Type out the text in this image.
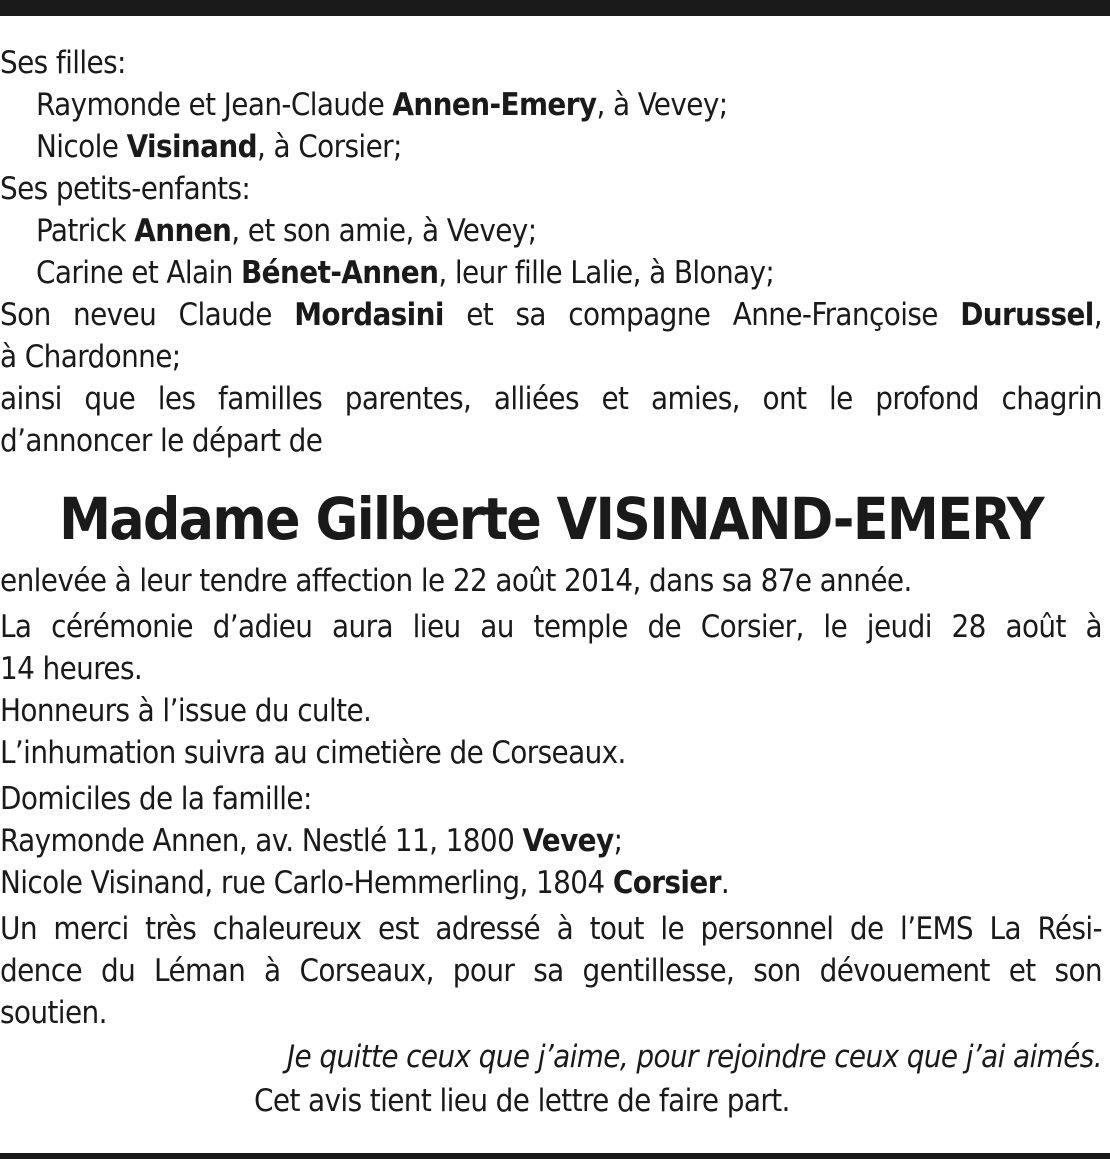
Ses filles:
Raymonde et Jean-Claude Annen-Emery, à Vevey;
Nicole Visinand, à Corsier;
Ses petits-enfants:
Patrick Annen, et son amie, à Vevey;
Carine et Alain Bénet-Annen, leur fille Lalie, à Blonay;
Son neveu Claude Mordasini et sa compagne Anne-Françoise Durussel,
à Chardonne;
ainsi que les familles parentes, alliées et amies, ont le profond chagrin
d’annoncer le départ de
Madame Gilberte VISINAND-EMERY
enlevée à leur tendre affection le 22 août 2014, dans sa 87e année.
La cérémonie d’adieu aura lieu au temple de Corsier, le jeudi 28 août à
14 heures.
Honneurs à l’issue du culte.
L’inhumation suivra au cimetière de Corseaux.
Domiciles de la famille:
Raymonde Annen, av. Nestlé 11, 1800 Vevey;
Nicole Visinand, rue Carlo-Hemmerling, 1804 Corsier.
Un merci très chaleureux est adressé à tout le personnel de l’EMS La Rési-
dence du Léman à Corseaux, pour sa gentillesse, son dévouement et son
soutien.
Je quitte ceux que j’aime, pour rejoindre ceux que j’ai aimés.
Cet avis tient lieu de lettre de faire part.
